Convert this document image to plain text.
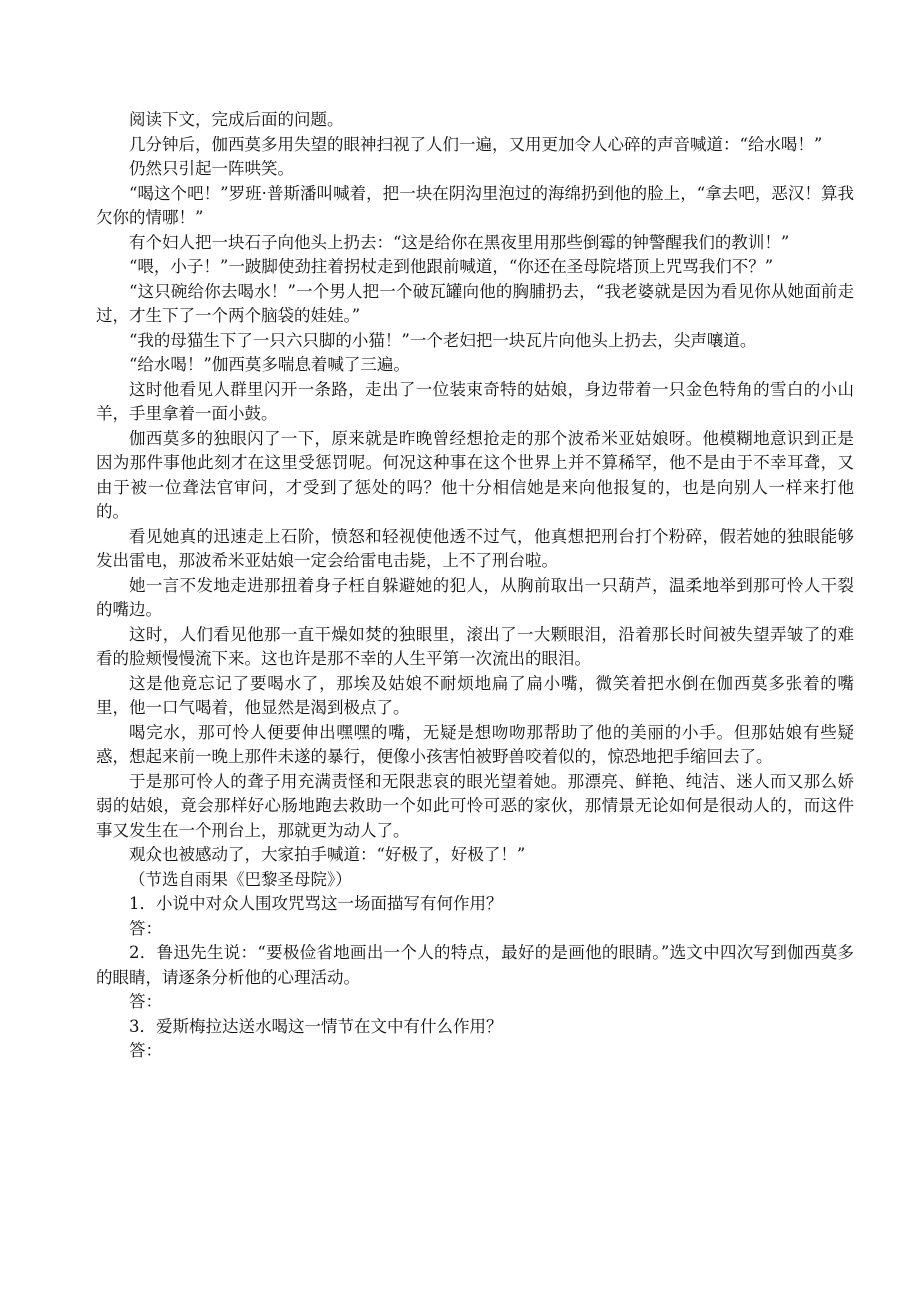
阅读下文，完成后面的问题。

几分钟后，伽西莫多用失望的眼神扫视了人们一遍，又用更加令人心碎的声音喊道：“给水喝！”

仍然只引起一阵哄笑。

“喝这个吧！”罗班·普斯潘叫喊着，把一块在阴沟里泡过的海绵扔到他的脸上，“拿去吧，恶汉！算我欠你的情哪！”

有个妇人把一块石子向他头上扔去：“这是给你在黑夜里用那些倒霉的钟警醒我们的教训！”

“喂，小子！”一跛脚使劲拄着拐杖走到他跟前喊道，“你还在圣母院塔顶上咒骂我们不？”

“这只碗给你去喝水！”一个男人把一个破瓦罐向他的胸脯扔去，“我老婆就是因为看见你从她面前走过，才生下了一个两个脑袋的娃娃。”

“我的母猫生下了一只六只脚的小猫！”一个老妇把一块瓦片向他头上扔去，尖声嚷道。

“给水喝！”伽西莫多喘息着喊了三遍。

这时他看见人群里闪开一条路，走出了一位装束奇特的姑娘，身边带着一只金色特角的雪白的小山羊，手里拿着一面小鼓。

伽西莫多的独眼闪了一下，原来就是昨晚曾经想抢走的那个波希米亚姑娘呀。他模糊地意识到正是因为那件事他此刻才在这里受惩罚呢。何况这种事在这个世界上并不算稀罕，他不是由于不幸耳聋，又由于被一位聋法官审问，才受到了惩处的吗？他十分相信她是来向他报复的，也是向别人一样来打他的。

看见她真的迅速走上石阶，愤怒和轻视使他透不过气，他真想把刑台打个粉碎，假若她的独眼能够发出雷电，那波希米亚姑娘一定会给雷电击毙，上不了刑台啦。

她一言不发地走进那扭着身子枉自躲避她的犯人，从胸前取出一只葫芦，温柔地举到那可怜人干裂的嘴边。

这时，人们看见他那一直干燥如焚的独眼里，滚出了一大颗眼泪，沿着那长时间被失望弄皱了的难看的脸颊慢慢流下来。这也许是那不幸的人生平第一次流出的眼泪。

这是他竟忘记了要喝水了，那埃及姑娘不耐烦地扁了扁小嘴，微笑着把水倒在伽西莫多张着的嘴里，他一口气喝着，他显然是渴到极点了。

喝完水，那可怜人便要伸出嘿嘿的嘴，无疑是想吻吻那帮助了他的美丽的小手。但那姑娘有些疑惑，想起来前一晚上那件未遂的暴行，便像小孩害怕被野兽咬着似的，惊恐地把手缩回去了。

于是那可怜人的聋子用充满责怪和无限悲哀的眼光望着她。那漂亮、鲜艳、纯洁、迷人而又那么娇弱的姑娘，竟会那样好心肠地跑去救助一个如此可怜可恶的家伙，那情景无论如何是很动人的，而这件事又发生在一个刑台上，那就更为动人了。

观众也被感动了，大家拍手喊道：“好极了，好极了！”

（节选自雨果《巴黎圣母院》）

1．小说中对众人围攻咒骂这一场面描写有何作用？

答：

2．鲁迅先生说：“要极俭省地画出一个人的特点，最好的是画他的眼睛。”选文中四次写到伽西莫多的眼睛，请逐条分析他的心理活动。

答：

3．爱斯梅拉达送水喝这一情节在文中有什么作用？

答：
